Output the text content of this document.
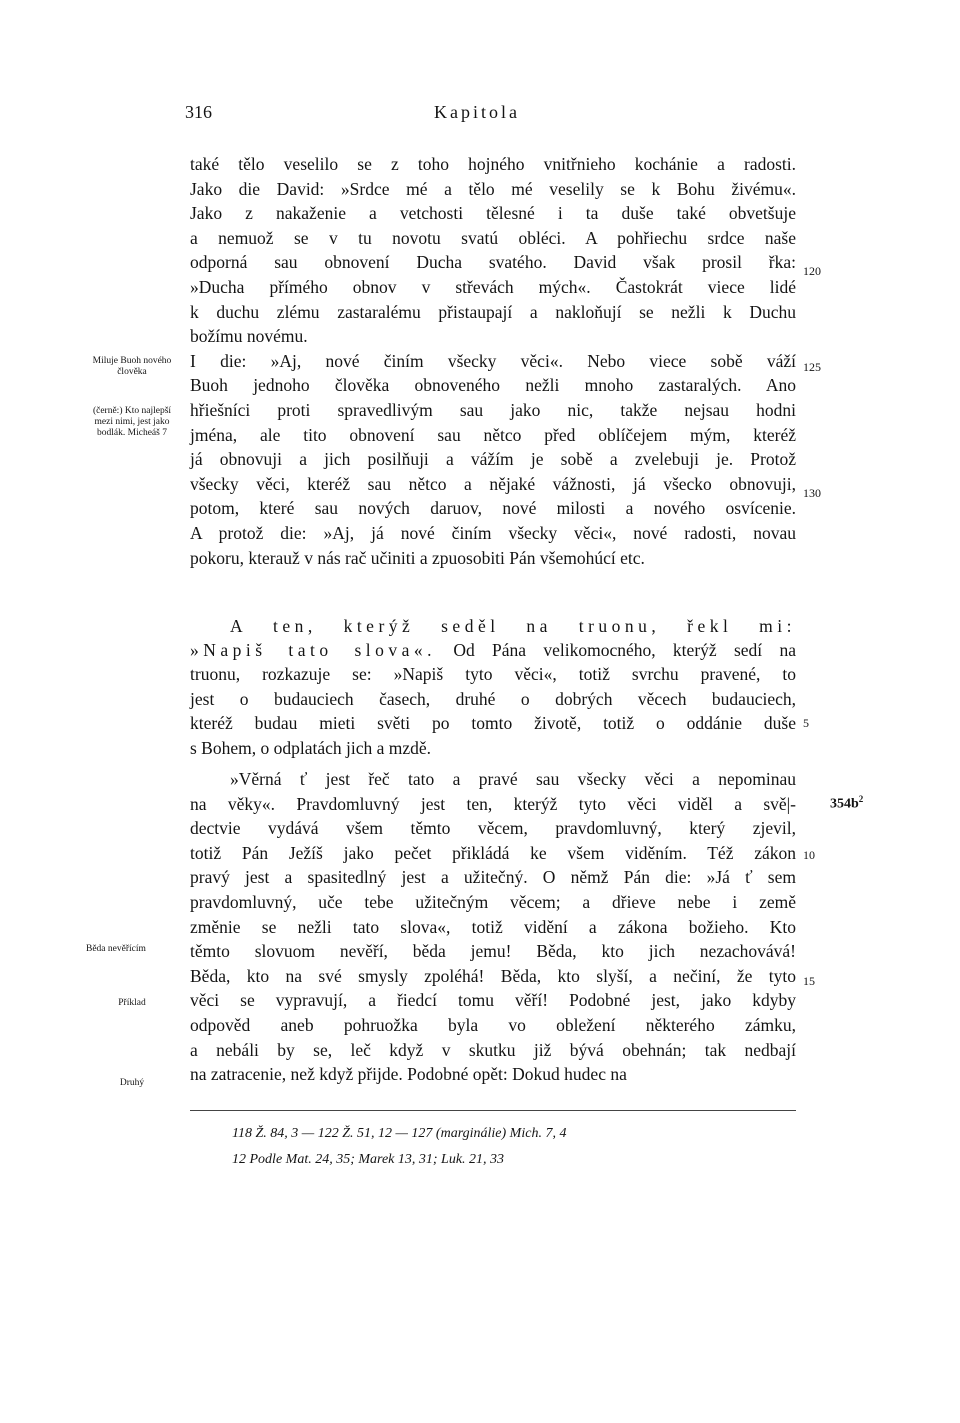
316	Kapitola
také tělo veselilo se z toho hojného vnitřnieho kochánie a radosti.
Jako die David: »Srdce mé a tělo mé veselily se k Bohu živému«.
Jako z nakaženie a vetchosti tělesné i ta duše také obvetšuje
a nemuož se v tu novotu svatú obléci. A pohřiechu srdce naše
odporná sau obnovení Ducha svatého. David však prosil řka:
»Ducha přímého obnov v střevách mých«. Častokrát viece lidé
k duchu zlému zastaralému přistaupají a nakloňují se nežli k Duchu
božímu novému.
I die: »Aj, nové činím všecky věci«. Nebo viece sobě váží
Buoh jednoho člověka obnoveného nežli mnoho zastaralých. Ano
hřiešníci proti spravedlivým sau jako nic, takže nejsau hodni
jména, ale tito obnovení sau nětco před oblíčejem mým, kteréž
já obnovuji a jich posilňuji a vážím je sobě a zvelebuji je. Protož
všecky věci, kteréž sau nětco a nějaké vážnosti, já všecko obnovuji,
potom, které sau nových daruov, nové milosti a nového osvícenie.
A protož die: »Aj, já nové činím všecky věci«, nové radosti, novau
pokoru, kterauž v nás rač učiniti a zpuosobiti Pán všemohúcí etc.
A ten, kterýž seděl na truonu, řekl mi:
»Napiš tato slova«. Od Pána velikomocného, kterýž sedí na
truonu, rozkazuje se: »Napiš tyto věci«, totiž svrchu pravené, to
jest o budauciech časech, druhé o dobrých věcech budauciech,
kteréž budau mieti světi po tomto životě, totiž o oddánie duše
s Bohem, o odplatách jich a mzdě.
»Věrná ť jest řeč tato a pravé sau všecky věci a nepominau
na věky«. Pravdomluvný jest ten, kterýž tyto věci viděl a svě|-
dectvie vydává všem těmto věcem, pravdomluvný, který zjevil,
totiž Pán Ježíš jako pečet přikládá ke všem viděním. Též zákon
pravý jest a spasitedlný jest a užitečný. O němž Pán die: »Já ť sem
pravdomluvný, uče tebe užitečným věcem; a dřieve nebe i země
změnie se nežli tato slova«, totiž vidění a zákona božieho. Kto
těmto slovuom nevěří, běda jemu! Běda, kto jich nezachovává!
Běda, kto na své smysly zpoléhá! Běda, kto slyší, a nečiní, že tyto
věci se vypravují, a řiedcí tomu věří! Podobné jest, jako kdyby
odpověd aneb pohruožka byla vo obležení některého zámku,
a nebáli by se, leč když v skutku již bývá obehnán; tak nedbají
na zatracenie, než když přijde. Podobné opět: Dokud hudec na
120
125
130
5
10
15
$354b^2$
Miluje Buoh nového člověka
(černě:) Kto najlepší mezi nimi, jest jako bodlák. Micheáš 7
Běda nevěřícím
Příklad
Druhý
118 Ž. 84, 3 — 122 Ž. 51, 12 — 127 (marginálie) Mich. 7, 4
12 Podle Mat. 24, 35; Marek 13, 31; Luk. 21, 33
